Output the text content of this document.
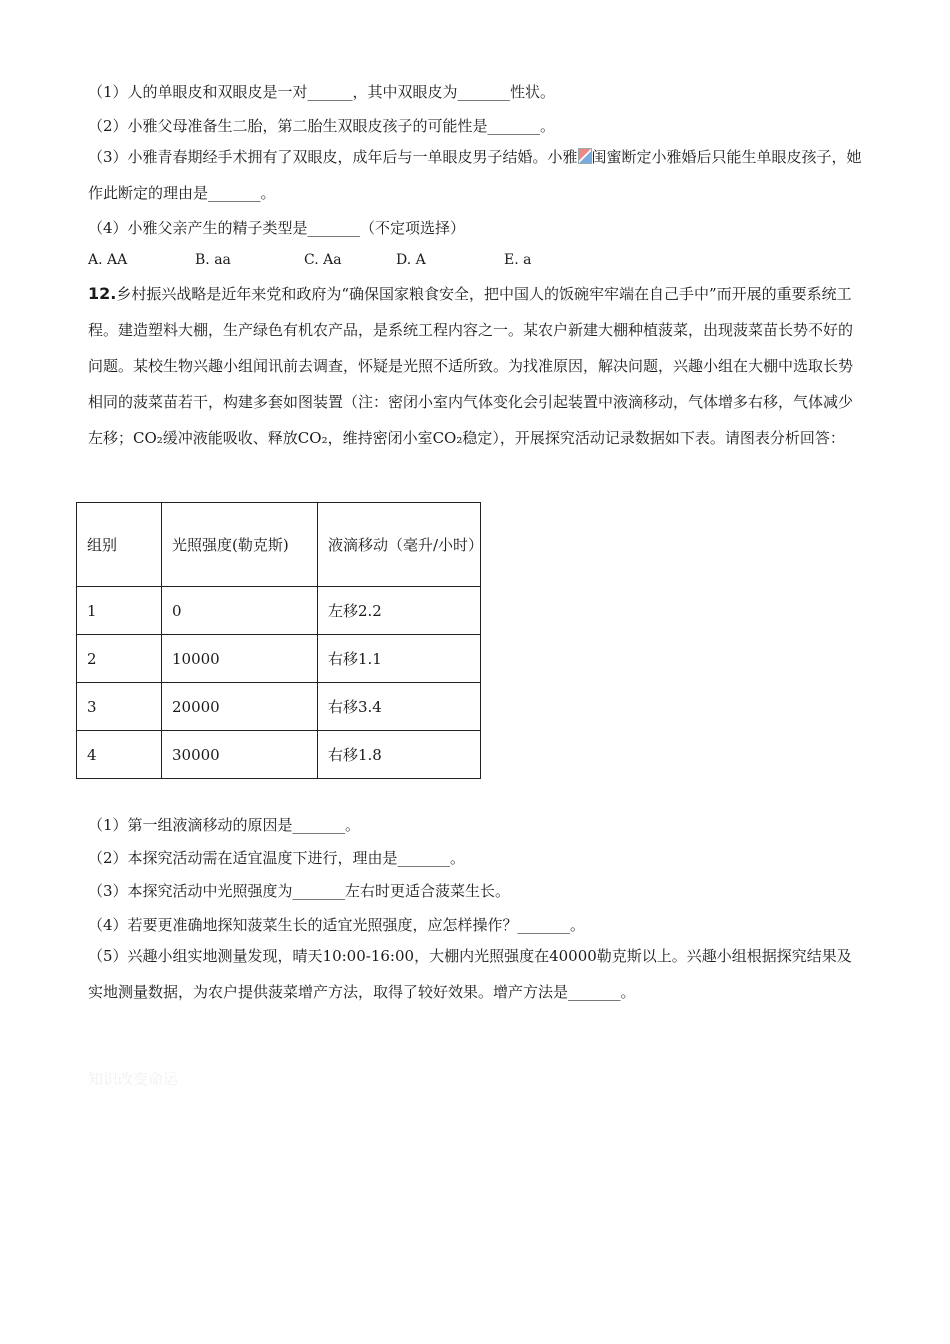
（1）人的单眼皮和双眼皮是一对______，其中双眼皮为_______性状。
（2）小雅父母准备生二胎，第二胎生双眼皮孩子的可能性是_______。
（3）小雅青春期经手术拥有了双眼皮，成年后与一单眼皮男子结婚。小雅 闺蜜断定小雅婚后只能生单眼皮孩子，她作此断定的理由是_______。
（4）小雅父亲产生的精子类型是_______（不定项选择）
A. AA	B. aa	C. Aa	D. A	E. a
12.乡村振兴战略是近年来党和政府为“确保国家粮食安全，把中国人的饭碗牢牢端在自己手中”而开展的重要系统工程。建造塑料大棚，生产绿色有机农产品，是系统工程内容之一。某农户新建大棚种植菠菜，出现菠菜苗长势不好的问题。某校生物兴趣小组闻讯前去调查，怀疑是光照不适所致。为找准原因，解决问题，兴趣小组在大棚中选取长势相同的菠菜苗若干，构建多套如图装置（注：密闭小室内气体变化会引起装置中液滴移动，气体增多右移，气体减少左移；CO₂缓冲液能吸收、释放CO₂，维持密闭小室CO₂稳定），开展探究活动记录数据如下表。请图表分析回答：
组别	光照强度(勒克斯)	液滴移动（毫升/小时）
1	0	左移2.2
2	10000	右移1.1
3	20000	右移3.4
4	30000	右移1.8
（1）第一组液滴移动的原因是_______。
（2）本探究活动需在适宜温度下进行，理由是_______。
（3）本探究活动中光照强度为_______左右时更适合菠菜生长。
（4）若要更准确地探知菠菜生长的适宜光照强度，应怎样操作？_______。
（5）兴趣小组实地测量发现，晴天10:00-16:00，大棚内光照强度在40000勒克斯以上。兴趣小组根据探究结果及实地测量数据，为农户提供菠菜增产方法，取得了较好效果。增产方法是_______。
知识改变命运
